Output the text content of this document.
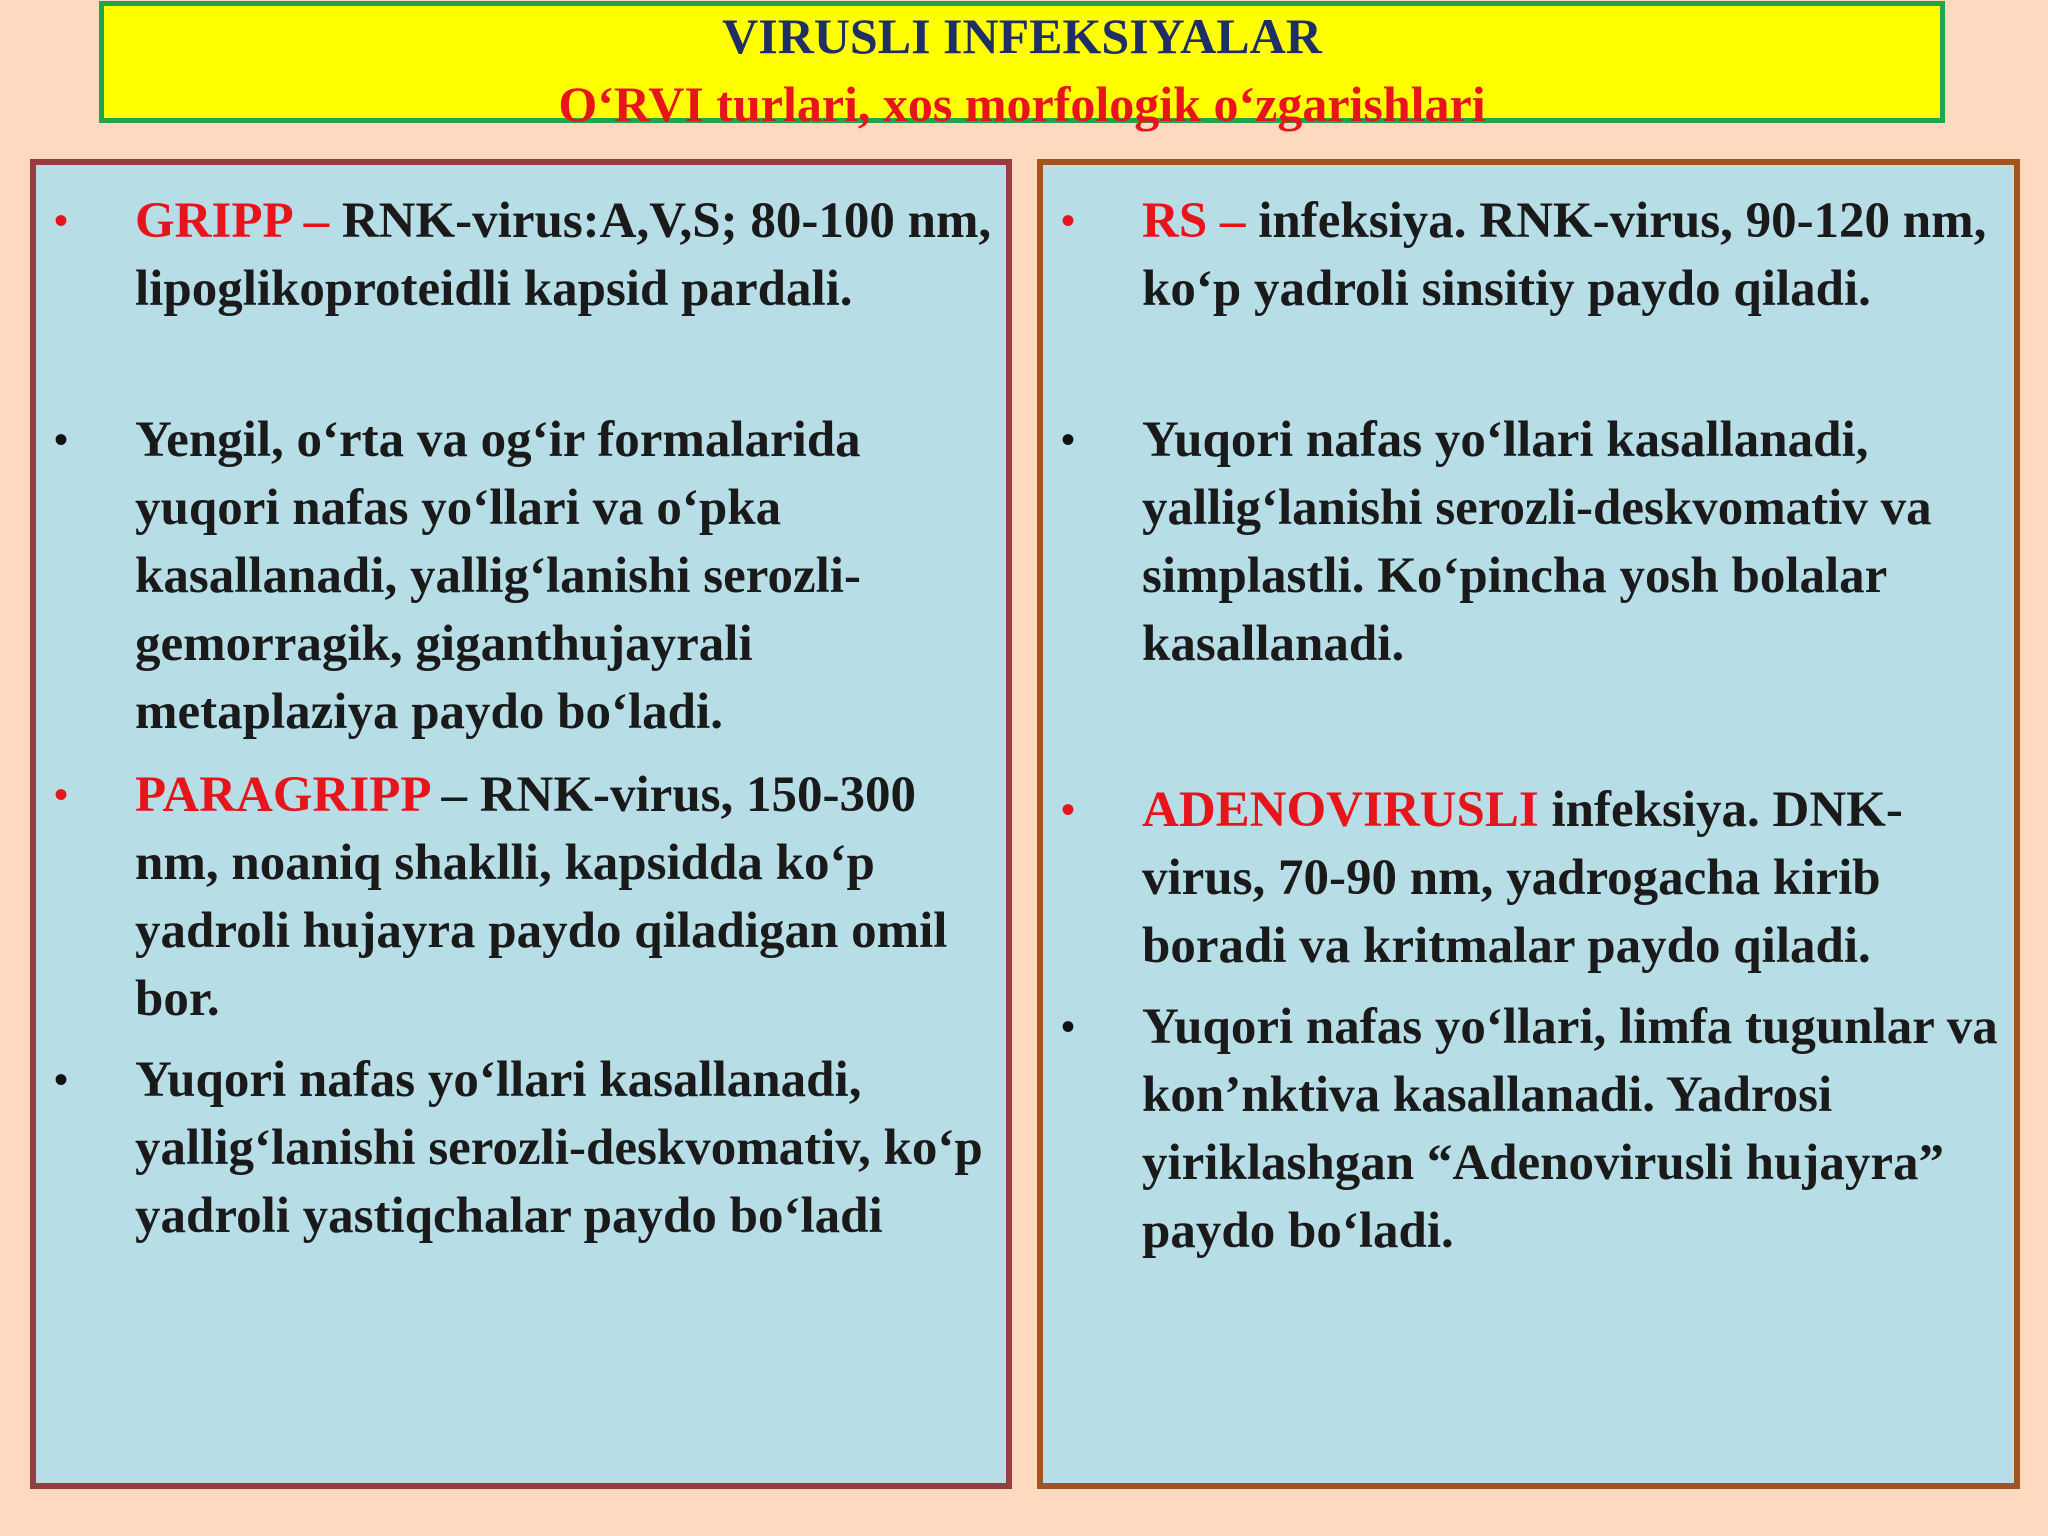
VIRUSLI INFEKSIYALAR
O‘RVI turlari, xos morfologik o‘zgarishlari
• GRIPP – RNK-virus:A,V,S; 80-100 nm, lipoglikoproteidli kapsid pardali.
• Yengil, o‘rta va og‘ir formalarida yuqori nafas yo‘llari va o‘pka kasallanadi, yallig‘lanishi serozli-gemorragik, giganthujayrali metaplaziya paydo bo‘ladi.
• PARAGRIPP – RNK-virus, 150-300 nm, noaniq shaklli, kapsidda ko‘p yadroli hujayra paydo qiladigan omil bor.
• Yuqori nafas yo‘llari kasallanadi, yallig‘lanishi serozli-deskvomativ, ko‘p yadroli yastiqchalar paydo bo‘ladi
• RS – infeksiya. RNK-virus, 90-120 nm, ko‘p yadroli sinsitiy paydo qiladi.
• Yuqori nafas yo‘llari kasallanadi, yallig‘lanishi serozli-deskvomativ va simplastli. Ko‘pincha yosh bolalar kasallanadi.
• ADENOVIRUSLI infeksiya. DNK-virus, 70-90 nm, yadrogacha kirib boradi va kritmalar paydo qiladi.
• Yuqori nafas yo‘llari, limfa tugunlar va kon’nktiva kasallanadi. Yadrosi yiriklashgan “Adenovirusli hujayra” paydo bo‘ladi.
